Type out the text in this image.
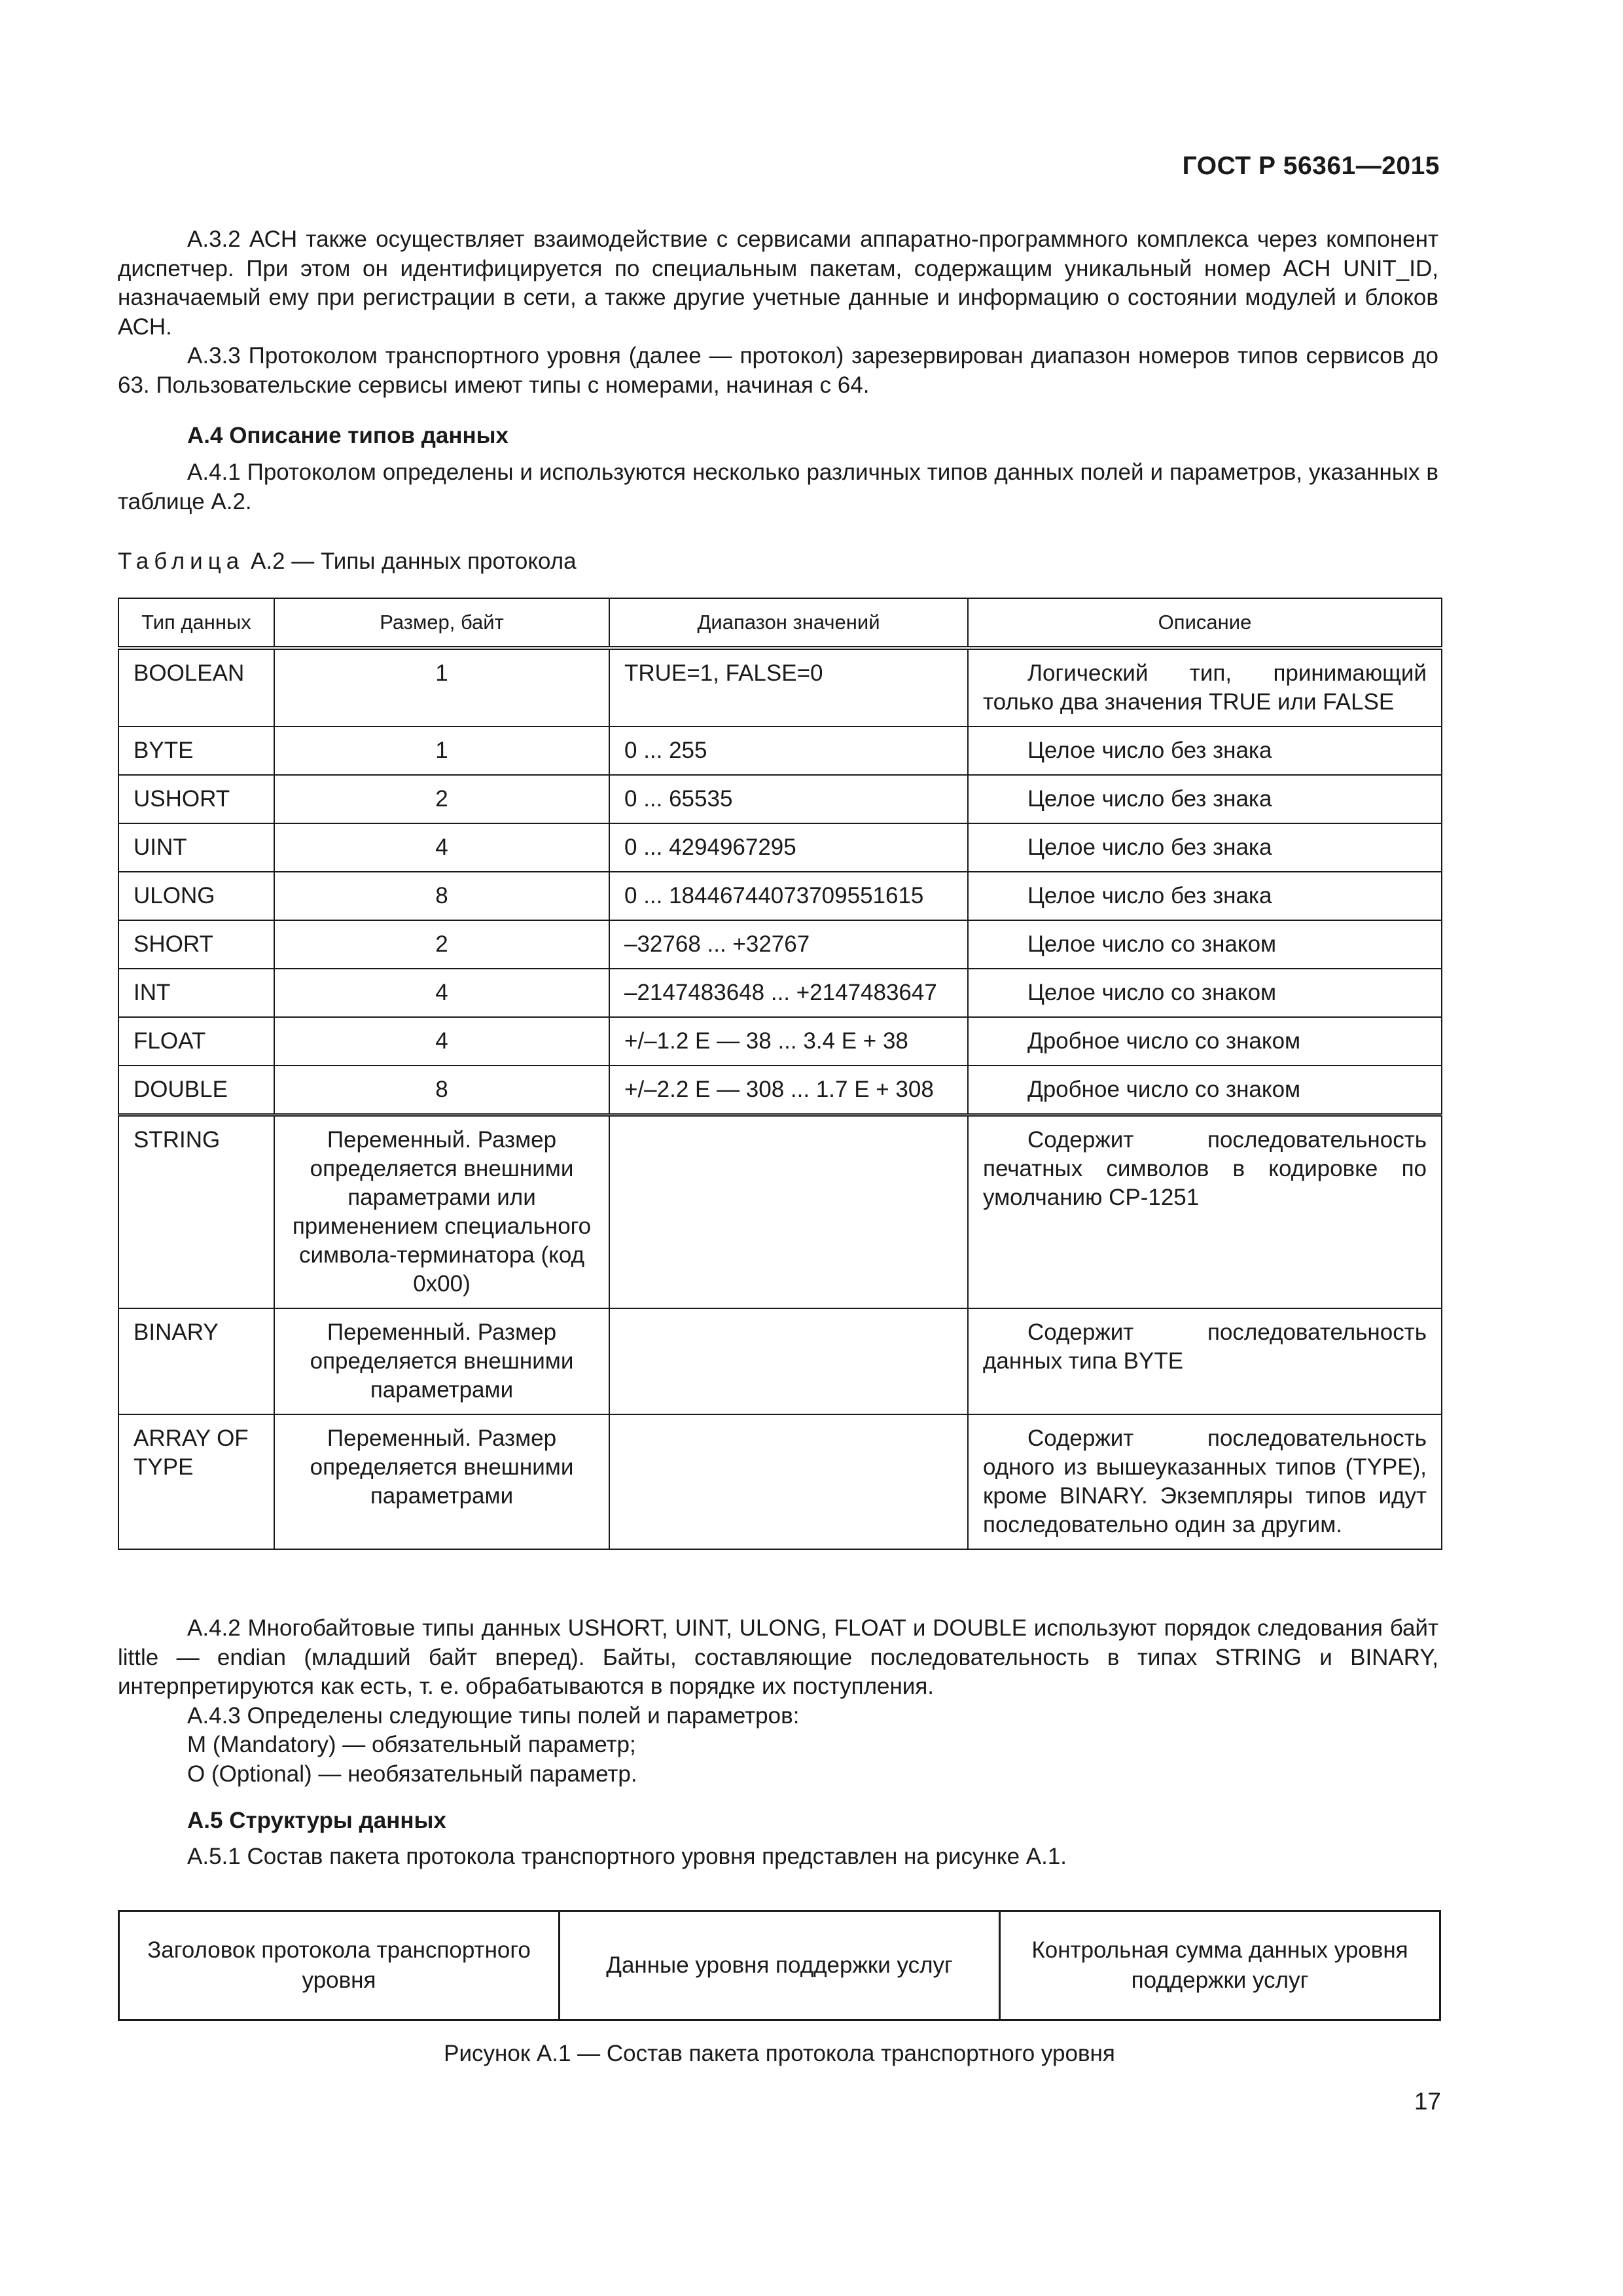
ГОСТ Р 56361—2015

А.3.2 АСН также осуществляет взаимодействие с сервисами аппаратно-программного комплекса через компонент диспетчер. При этом он идентифицируется по специальным пакетам, содержащим уникальный номер АСН UNIT_ID, назначаемый ему при регистрации в сети, а также другие учетные данные и информацию о состоянии модулей и блоков АСН.

А.3.3 Протоколом транспортного уровня (далее — протокол) зарезервирован диапазон номеров типов сервисов до 63. Пользовательские сервисы имеют типы с номерами, начиная с 64.

А.4 Описание типов данных

А.4.1 Протоколом определены и используются несколько различных типов данных полей и параметров, указанных в таблице А.2.

Таблица А.2 — Типы данных протокола
Тип данных	Размер, байт	Диапазон значений	Описание
BOOLEAN	1	TRUE=1, FALSE=0	Логический тип, принимающий только два значения TRUE или FALSE
BYTE	1	0 ... 255	Целое число без знака
USHORT	2	0 ... 65535	Целое число без знака
UINT	4	0 ... 4294967295	Целое число без знака
ULONG	8	0 ... 18446744073709551615	Целое число без знака
SHORT	2	–32768 ... +32767	Целое число со знаком
INT	4	–2147483648 ... +2147483647	Целое число со знаком
FLOAT	4	+/–1.2 E — 38 ... 3.4 E + 38	Дробное число со знаком
DOUBLE	8	+/–2.2 E — 308 ... 1.7 E + 308	Дробное число со знаком
STRING	Переменный. Размер определяется внешними параметрами или применением специального символа-терминатора (код 0x00)		Содержит последовательность печатных символов в кодировке по умолчанию CP-1251
BINARY	Переменный. Размер определяется внешними параметрами		Содержит последовательность данных типа BYTE
ARRAY OF TYPE	Переменный. Размер определяется внешними параметрами		Содержит последовательность одного из вышеуказанных типов (TYPE), кроме BINARY. Экземпляры типов идут последовательно один за другим.

А.4.2 Многобайтовые типы данных USHORT, UINT, ULONG, FLOAT и DOUBLE используют порядок следования байт little — endian (младший байт вперед). Байты, составляющие последовательность в типах STRING и BINARY, интерпретируются как есть, т. е. обрабатываются в порядке их поступления.

А.4.3 Определены следующие типы полей и параметров:

М (Mandatory) — обязательный параметр;

О (Optional) — необязательный параметр.

А.5 Структуры данных

А.5.1 Состав пакета протокола транспортного уровня представлен на рисунке А.1.

Заголовок протокола транспортного уровня
Данные уровня поддержки услуг
Контрольная сумма данных уровня поддержки услуг
Рисунок А.1 — Состав пакета протокола транспортного уровня
17
